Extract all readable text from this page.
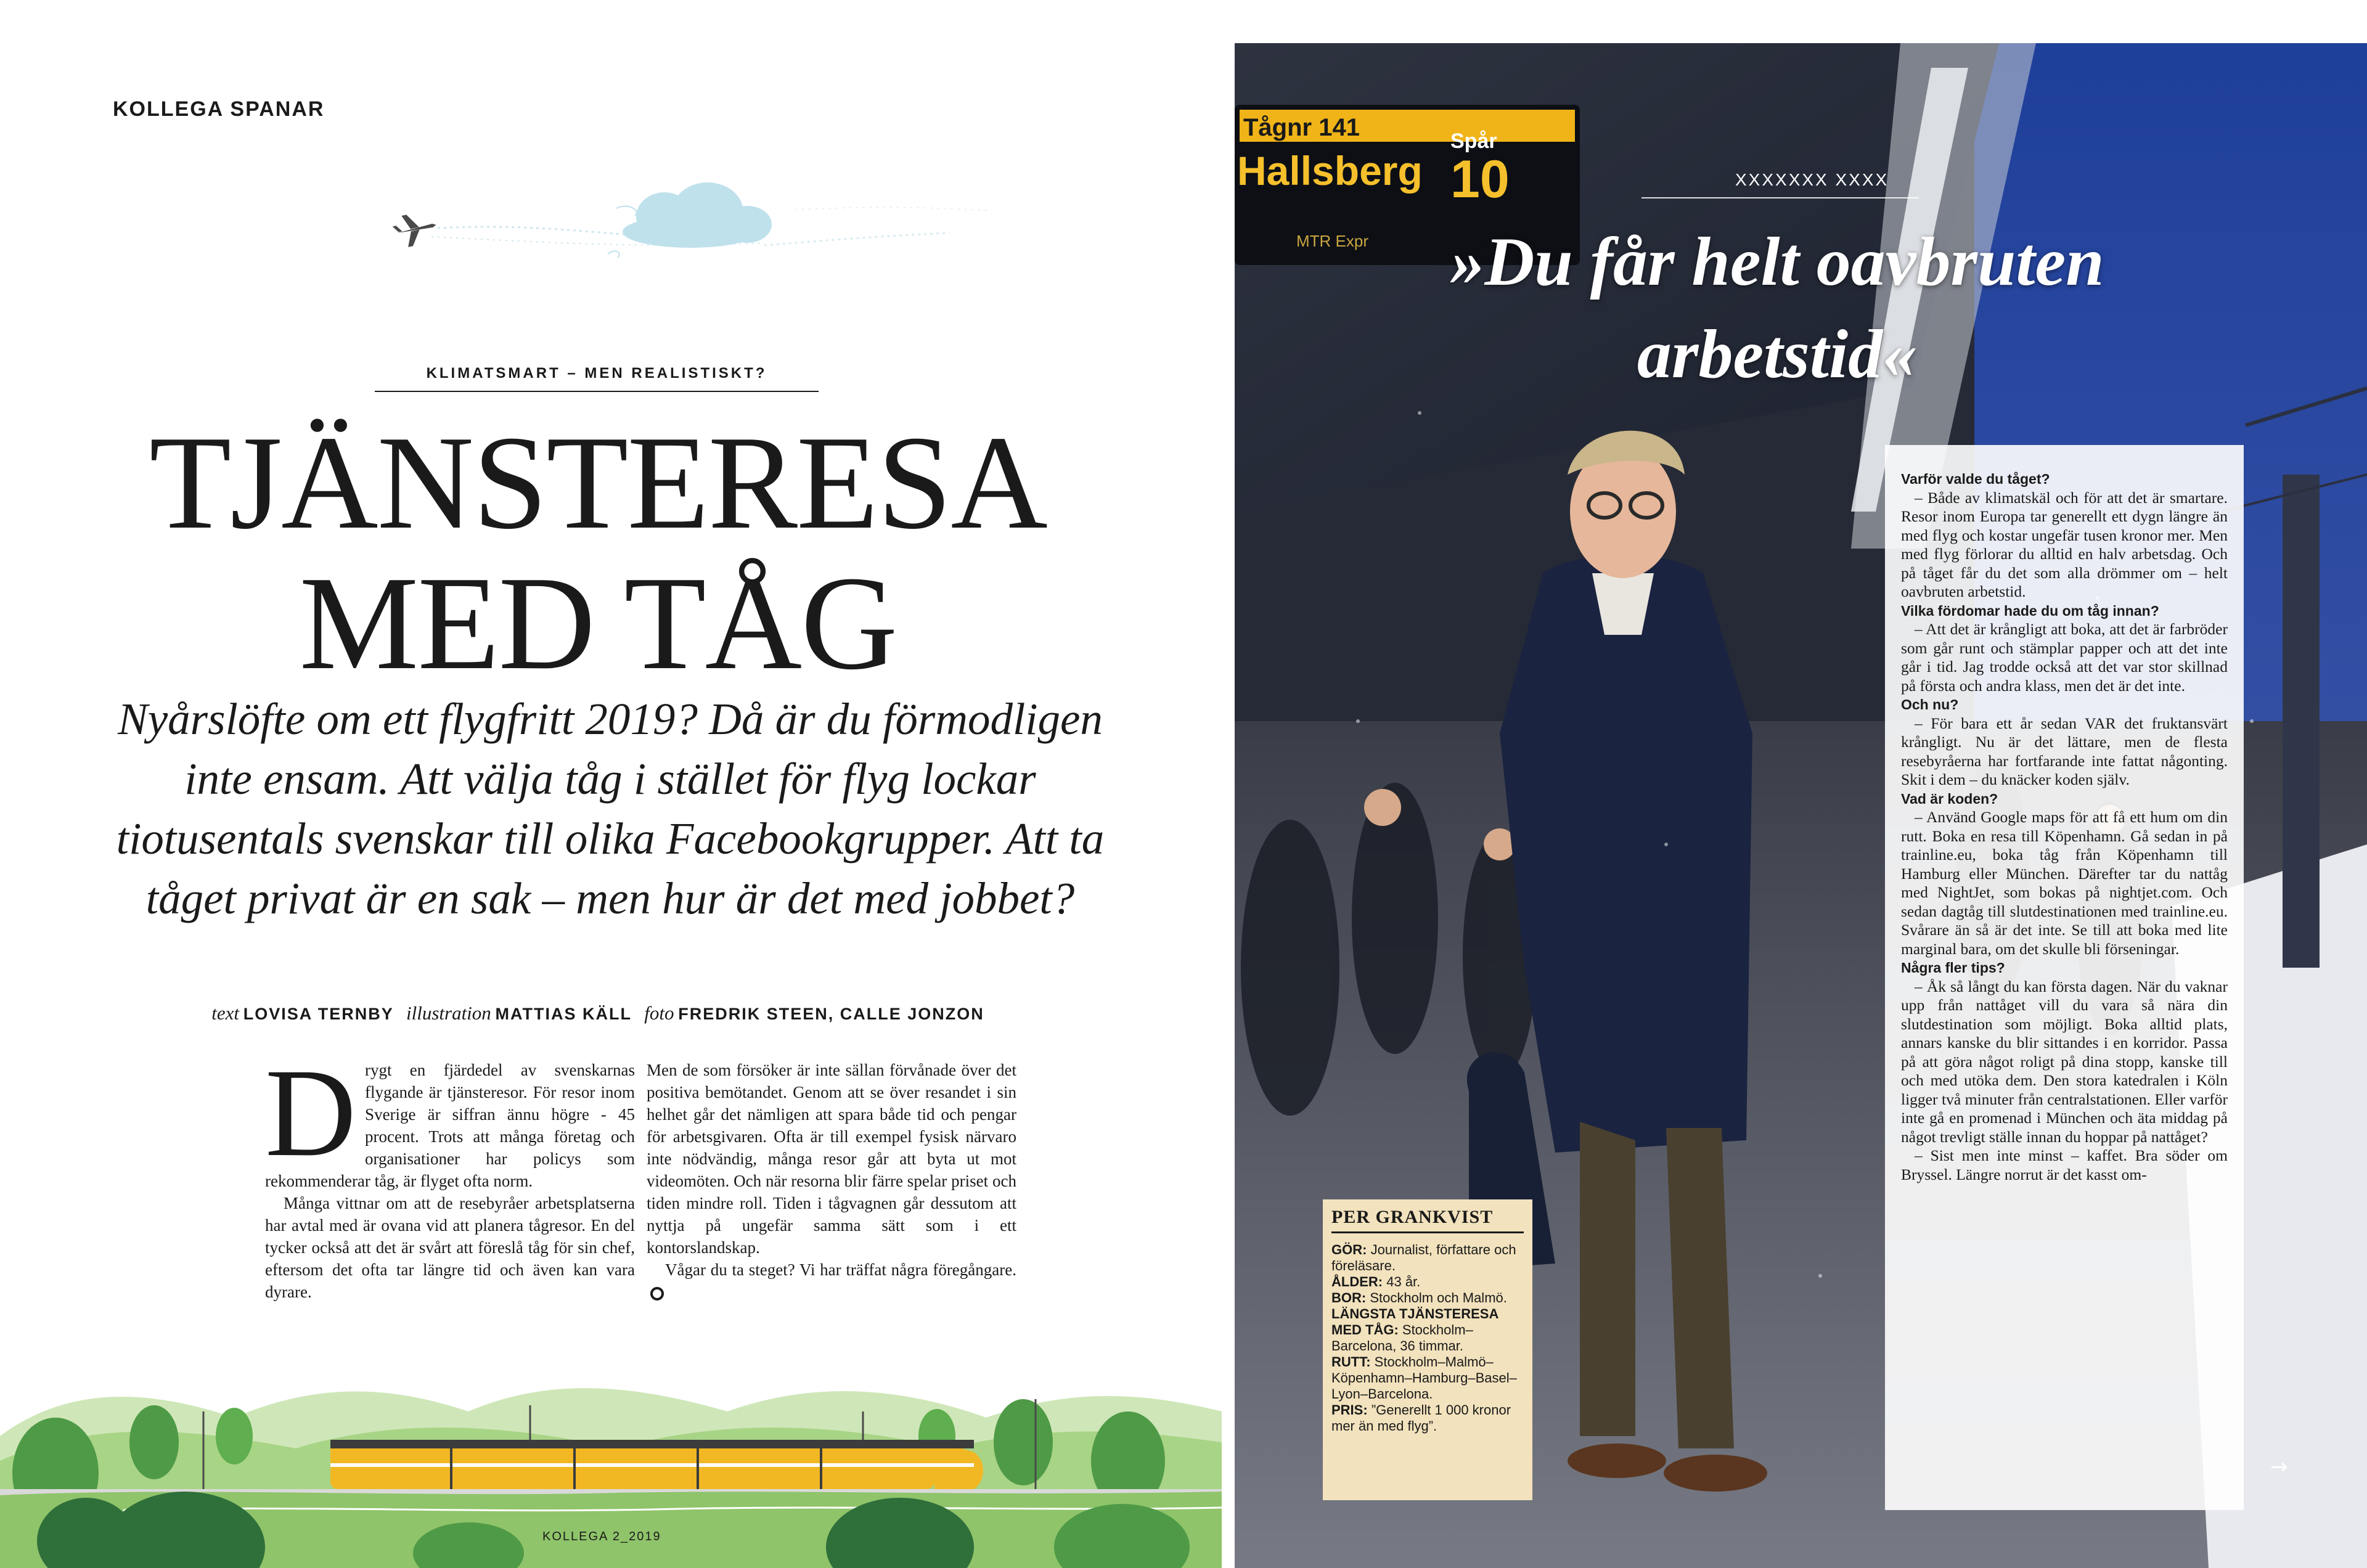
KOLLEGA SPANAR
KLIMATSMART – MEN REALISTISKT?
TJÄNSTERESA
MED TÅG
Nyårslöfte om ett flygfritt 2019? Då är du förmodligen inte ensam. Att välja tåg i stället för flyg lockar tiotusentals svenskar till olika Facebookgrupper. Att ta tåget privat är en sak – men hur är det med jobbet?
text LOVISA TERNBY illustration MATTIAS KÄLL foto FREDRIK STEEN, CALLE JONZON

Drygt en fjärdedel av svenskarnas flygande är tjänsteresor. För resor inom Sverige är siffran ännu högre - 45 procent. Trots att många företag och organisationer har policys som rekommenderar tåg, är flyget ofta norm.

Många vittnar om att de resebyråer arbetsplatserna har avtal med är ovana vid att planera tågresor. En del tycker också att det är svårt att föreslå tåg för sin chef, eftersom det ofta tar längre tid och även kan vara dyrare.

Men de som försöker är inte sällan förvånade över det positiva bemötandet. Genom att se över resandet i sin helhet går det nämligen att spara både tid och pengar för arbetsgivaren. Ofta är till exempel fysisk närvaro inte nödvändig, många resor går att byta ut mot videomöten. Och när resorna blir färre spelar priset och tiden mindre roll. Tiden i tågvagnen går dessutom att nyttja på ungefär samma sätt som i ett kontorslandskap.

Vågar du ta steget? Vi har träffat några föregångare.

KOLLEGA 2_2019
Tågnr 141
Hallsberg
Spår
10
MTR Expr
XXXXXXX XXXX
»Du får helt oavbruten
arbetstid«

Varför valde du tåget?

– Både av klimatskäl och för att det är smartare. Resor inom Europa tar generellt ett dygn längre än med flyg och kostar ungefär tusen kronor mer. Men med flyg förlorar du alltid en halv arbetsdag. Och på tåget får du det som alla drömmer om – helt oavbruten arbetstid.

Vilka fördomar hade du om tåg innan?

– Att det är krångligt att boka, att det är farbröder som går runt och stämplar papper och att det inte går i tid. Jag trodde också att det var stor skillnad på första och andra klass, men det är det inte.

Och nu?

– För bara ett år sedan VAR det fruktansvärt krångligt. Nu är det lättare, men de flesta resebyråerna har fortfarande inte fattat någonting. Skit i dem – du knäcker koden själv.

Vad är koden?

– Använd Google maps för att få ett hum om din rutt. Boka en resa till Köpenhamn. Gå sedan in på trainline.eu, boka tåg från Köpenhamn till Hamburg eller München. Därefter tar du nattåg med NightJet, som bokas på nightjet.com. Och sedan dagtåg till slutdestinationen med trainline.eu. Svårare än så är det inte. Se till att boka med lite marginal bara, om det skulle bli förseningar.

Några fler tips?

– Åk så långt du kan första dagen. När du vaknar upp från nattåget vill du vara så nära din slutdestination som möjligt. Boka alltid plats, annars kanske du blir sittandes i en korridor. Passa på att göra något roligt på dina stopp, kanske till och med utöka dem. Den stora katedralen i Köln ligger två minuter från centralstationen. Eller varför inte gå en promenad i München och äta middag på något trevligt ställe innan du hoppar på nattåget?

– Sist men inte minst – kaffet. Bra söder om Bryssel. Längre norrut är det kasst om-

PER GRANKVIST
GÖR: Journalist, författare och föreläsare.
ÅLDER: 43 år.
BOR: Stockholm och Malmö.
LÄNGSTA TJÄNSTERESA MED TÅG: Stockholm–Barcelona, 36 timmar.
RUTT: Stockholm–Malmö–Köpenhamn–Hamburg–Basel–Lyon–Barcelona.
PRIS: ”Generellt 1 000 kronor mer än med flyg”.
→
